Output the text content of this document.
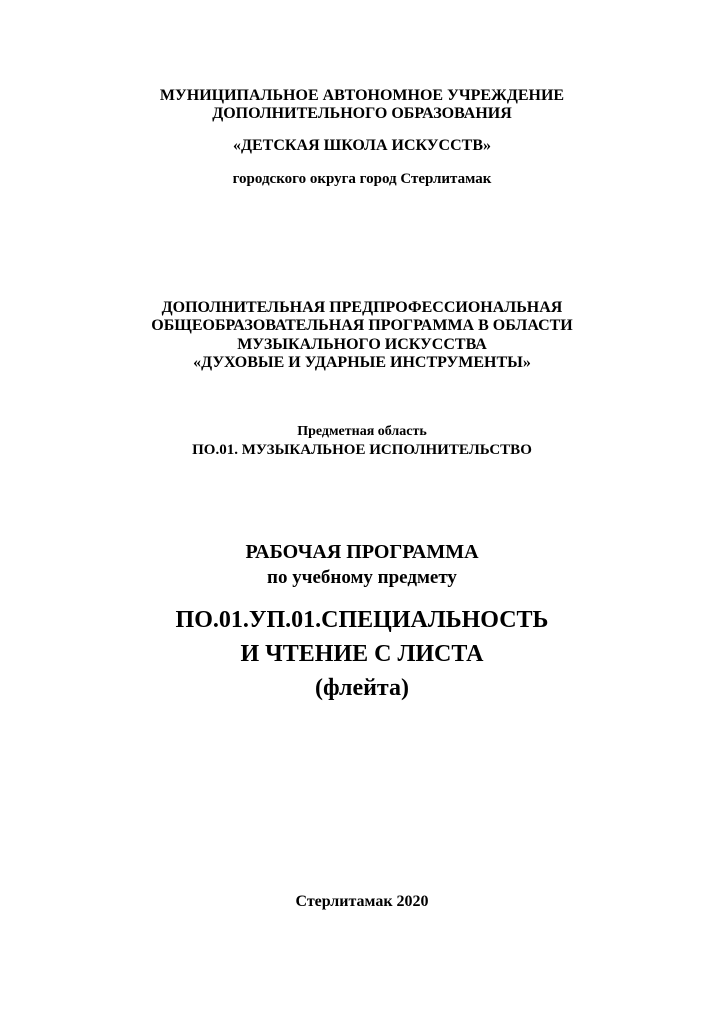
МУНИЦИПАЛЬНОЕ АВТОНОМНОЕ УЧРЕЖДЕНИЕ
ДОПОЛНИТЕЛЬНОГО ОБРАЗОВАНИЯ
«ДЕТСКАЯ ШКОЛА ИСКУССТВ»
городского округа город Стерлитамак
ДОПОЛНИТЕЛЬНАЯ ПРЕДПРОФЕССИОНАЛЬНАЯ
ОБЩЕОБРАЗОВАТЕЛЬНАЯ ПРОГРАММА В ОБЛАСТИ
МУЗЫКАЛЬНОГО ИСКУССТВА
«ДУХОВЫЕ И УДАРНЫЕ ИНСТРУМЕНТЫ»
Предметная область
ПО.01. МУЗЫКАЛЬНОЕ ИСПОЛНИТЕЛЬСТВО
РАБОЧАЯ ПРОГРАММА
по учебному предмету
ПО.01.УП.01.СПЕЦИАЛЬНОСТЬ
И ЧТЕНИЕ С ЛИСТА
(флейта)
Стерлитамак 2020
